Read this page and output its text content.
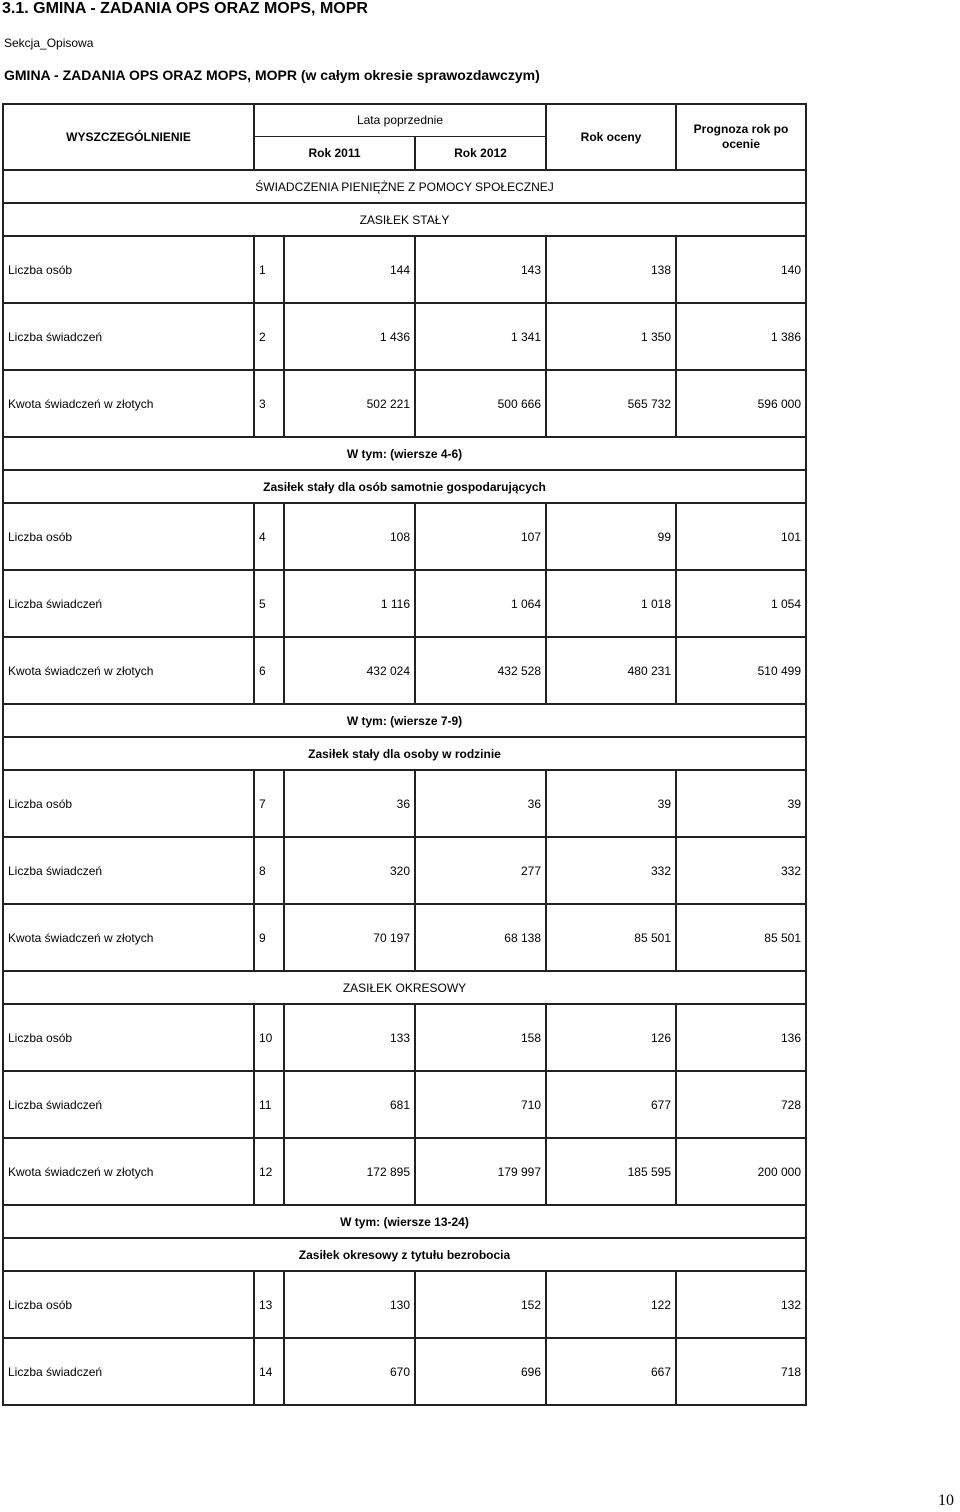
3.1. GMINA - ZADANIA OPS ORAZ MOPS, MOPR
Sekcja_Opisowa
GMINA - ZADANIA OPS ORAZ MOPS, MOPR (w całym okresie sprawozdawczym)
WYSZCZEGÓLNIENIE	Lata poprzednie			Rok oceny	Prognoza rok po ocenie
	Rok 2011		Rok 2012		
ŚWIADCZENIA PIENIĘŻNE Z POMOCY SPOŁECZNEJ					
ZASIŁEK STAŁY					
Liczba osób	1	144	143	138	140
Liczba świadczeń	2	1 436	1 341	1 350	1 386
Kwota świadczeń w złotych	3	502 221	500 666	565 732	596 000
W tym: (wiersze 4-6)					
Zasiłek stały dla osób samotnie gospodarujących					
Liczba osób	4	108	107	99	101
Liczba świadczeń	5	1 116	1 064	1 018	1 054
Kwota świadczeń w złotych	6	432 024	432 528	480 231	510 499
W tym: (wiersze 7-9)					
Zasiłek stały dla osoby w rodzinie					
Liczba osób	7	36	36	39	39
Liczba świadczeń	8	320	277	332	332
Kwota świadczeń w złotych	9	70 197	68 138	85 501	85 501
ZASIŁEK OKRESOWY					
Liczba osób	10	133	158	126	136
Liczba świadczeń	11	681	710	677	728
Kwota świadczeń w złotych	12	172 895	179 997	185 595	200 000
W tym: (wiersze 13-24)					
Zasiłek okresowy z tytułu bezrobocia					
Liczba osób	13	130	152	122	132
Liczba świadczeń	14	670	696	667	718
10
